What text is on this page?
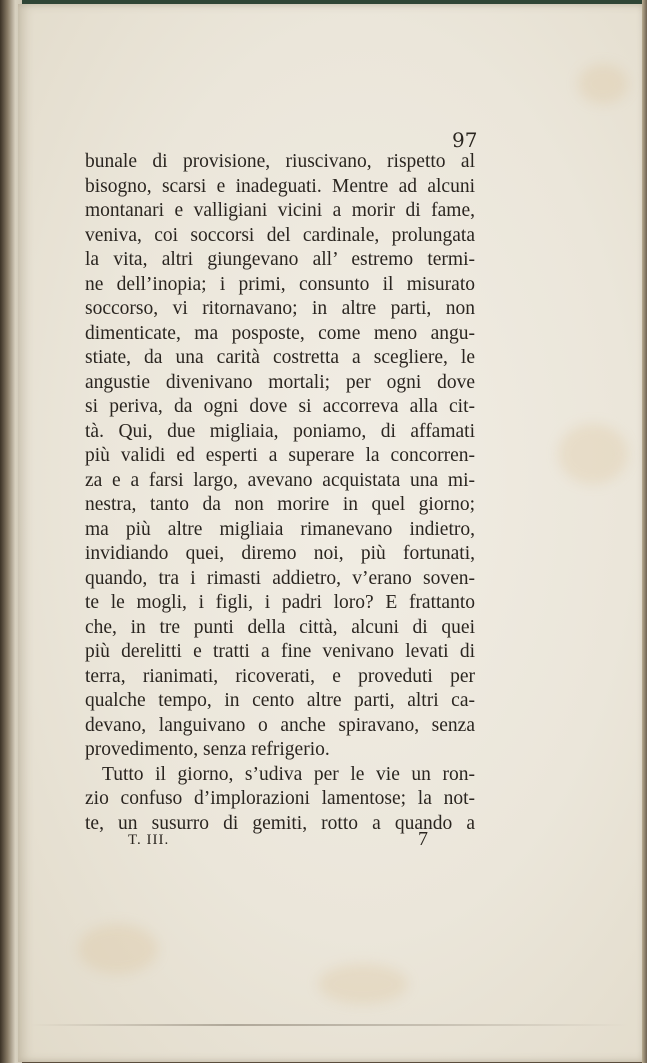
97

bunale di provisione, riuscivano, rispetto al
bisogno, scarsi e inadeguati. Mentre ad alcuni
montanari e valligiani vicini a morir di fame,
veniva, coi soccorsi del cardinale, prolungata
la vita, altri giungevano all’ estremo termi-
ne dell’inopia; i primi, consunto il misurato
soccorso, vi ritornavano; in altre parti, non
dimenticate, ma posposte, come meno angu-
stiate, da una carità costretta a scegliere, le
angustie divenivano mortali; per ogni dove
si periva, da ogni dove si accorreva alla cit-
tà. Qui, due migliaia, poniamo, di affamati
più validi ed esperti a superare la concorren-
za e a farsi largo, avevano acquistata una mi-
nestra, tanto da non morire in quel giorno;
ma più altre migliaia rimanevano indietro,
invidiando quei, diremo noi, più fortunati,
quando, tra i rimasti addietro, v’erano soven-
te le mogli, i figli, i padri loro? E frattanto
che, in tre punti della città, alcuni di quei
più derelitti e tratti a fine venivano levati di
terra, rianimati, ricoverati, e proveduti per
qualche tempo, in cento altre parti, altri ca-
devano, languivano o anche spiravano, senza
provedimento, senza refrigerio.
Tutto il giorno, s’udiva per le vie un ron-
zio confuso d’implorazioni lamentose; la not-
te, un susurro di gemiti, rotto a quando a

T. III.	7
